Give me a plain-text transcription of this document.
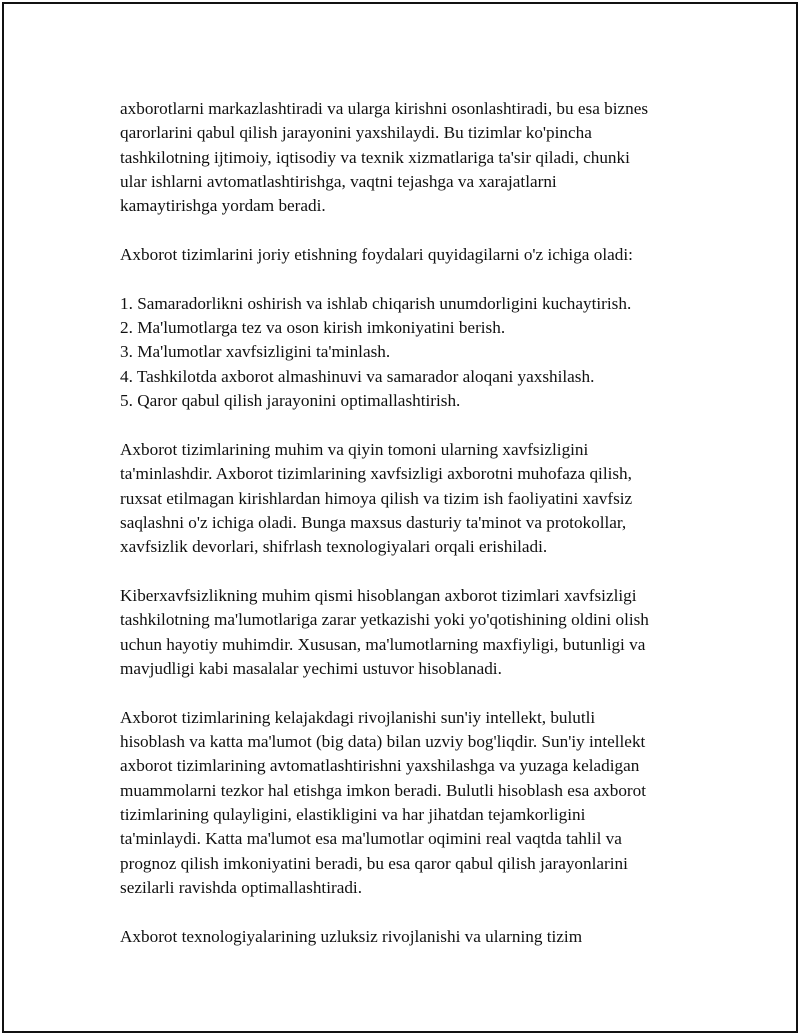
axborotlarni markazlashtiradi va ularga kirishni osonlashtiradi, bu esa biznes
qarorlarini qabul qilish jarayonini yaxshilaydi. Bu tizimlar ko'pincha
tashkilotning ijtimoiy, iqtisodiy va texnik xizmatlariga ta'sir qiladi, chunki
ular ishlarni avtomatlashtirishga, vaqtni tejashga va xarajatlarni
kamaytirishga yordam beradi.

Axborot tizimlarini joriy etishning foydalari quyidagilarni o'z ichiga oladi:

1. Samaradorlikni oshirish va ishlab chiqarish unumdorligini kuchaytirish.
2. Ma'lumotlarga tez va oson kirish imkoniyatini berish.
3. Ma'lumotlar xavfsizligini ta'minlash.
4. Tashkilotda axborot almashinuvi va samarador aloqani yaxshilash.
5. Qaror qabul qilish jarayonini optimallashtirish.

Axborot tizimlarining muhim va qiyin tomoni ularning xavfsizligini
ta'minlashdir. Axborot tizimlarining xavfsizligi axborotni muhofaza qilish,
ruxsat etilmagan kirishlardan himoya qilish va tizim ish faoliyatini xavfsiz
saqlashni o'z ichiga oladi. Bunga maxsus dasturiy ta'minot va protokollar,
xavfsizlik devorlari, shifrlash texnologiyalari orqali erishiladi.

Kiberxavfsizlikning muhim qismi hisoblangan axborot tizimlari xavfsizligi
tashkilotning ma'lumotlariga zarar yetkazishi yoki yo'qotishining oldini olish
uchun hayotiy muhimdir. Xususan, ma'lumotlarning maxfiyligi, butunligi va
mavjudligi kabi masalalar yechimi ustuvor hisoblanadi.

Axborot tizimlarining kelajakdagi rivojlanishi sun'iy intellekt, bulutli
hisoblash va katta ma'lumot (big data) bilan uzviy bog'liqdir. Sun'iy intellekt
axborot tizimlarining avtomatlashtirishni yaxshilashga va yuzaga keladigan
muammolarni tezkor hal etishga imkon beradi. Bulutli hisoblash esa axborot
tizimlarining qulayligini, elastikligini va har jihatdan tejamkorligini
ta'minlaydi. Katta ma'lumot esa ma'lumotlar oqimini real vaqtda tahlil va
prognoz qilish imkoniyatini beradi, bu esa qaror qabul qilish jarayonlarini
sezilarli ravishda optimallashtiradi.

Axborot texnologiyalarining uzluksiz rivojlanishi va ularning tizim
